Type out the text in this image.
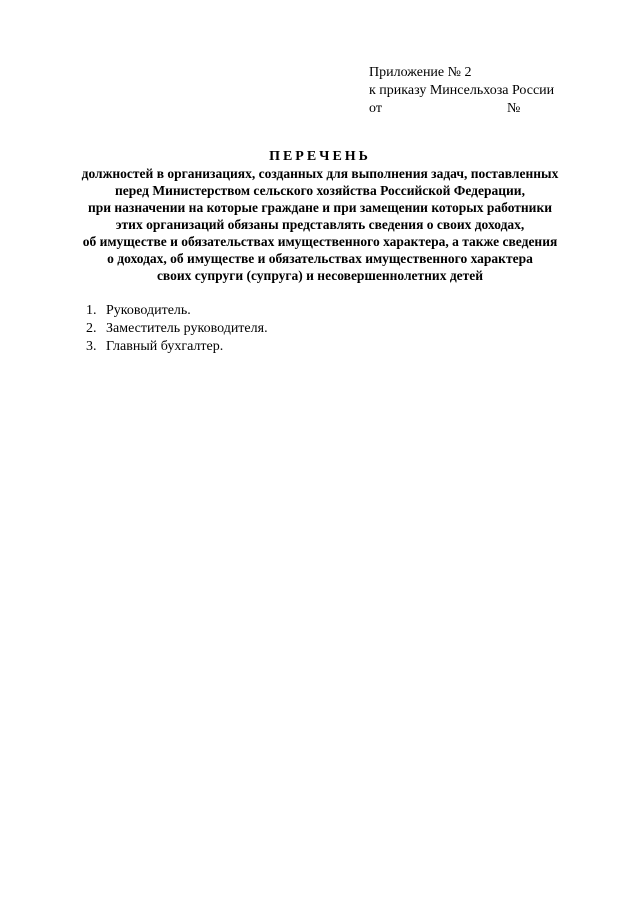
Приложение № 2
к приказу Минсельхоза России
от	№
ПЕРЕЧЕНЬ
должностей в организациях, созданных для выполнения задач, поставленных
перед Министерством сельского хозяйства Российской Федерации,
при назначении на которые граждане и при замещении которых работники
этих организаций обязаны представлять сведения о своих доходах,
об имуществе и обязательствах имущественного характера, а также сведения
о доходах, об имуществе и обязательствах имущественного характера
своих супруги (супруга) и несовершеннолетних детей
1. Руководитель.
2. Заместитель руководителя.
3. Главный бухгалтер.
